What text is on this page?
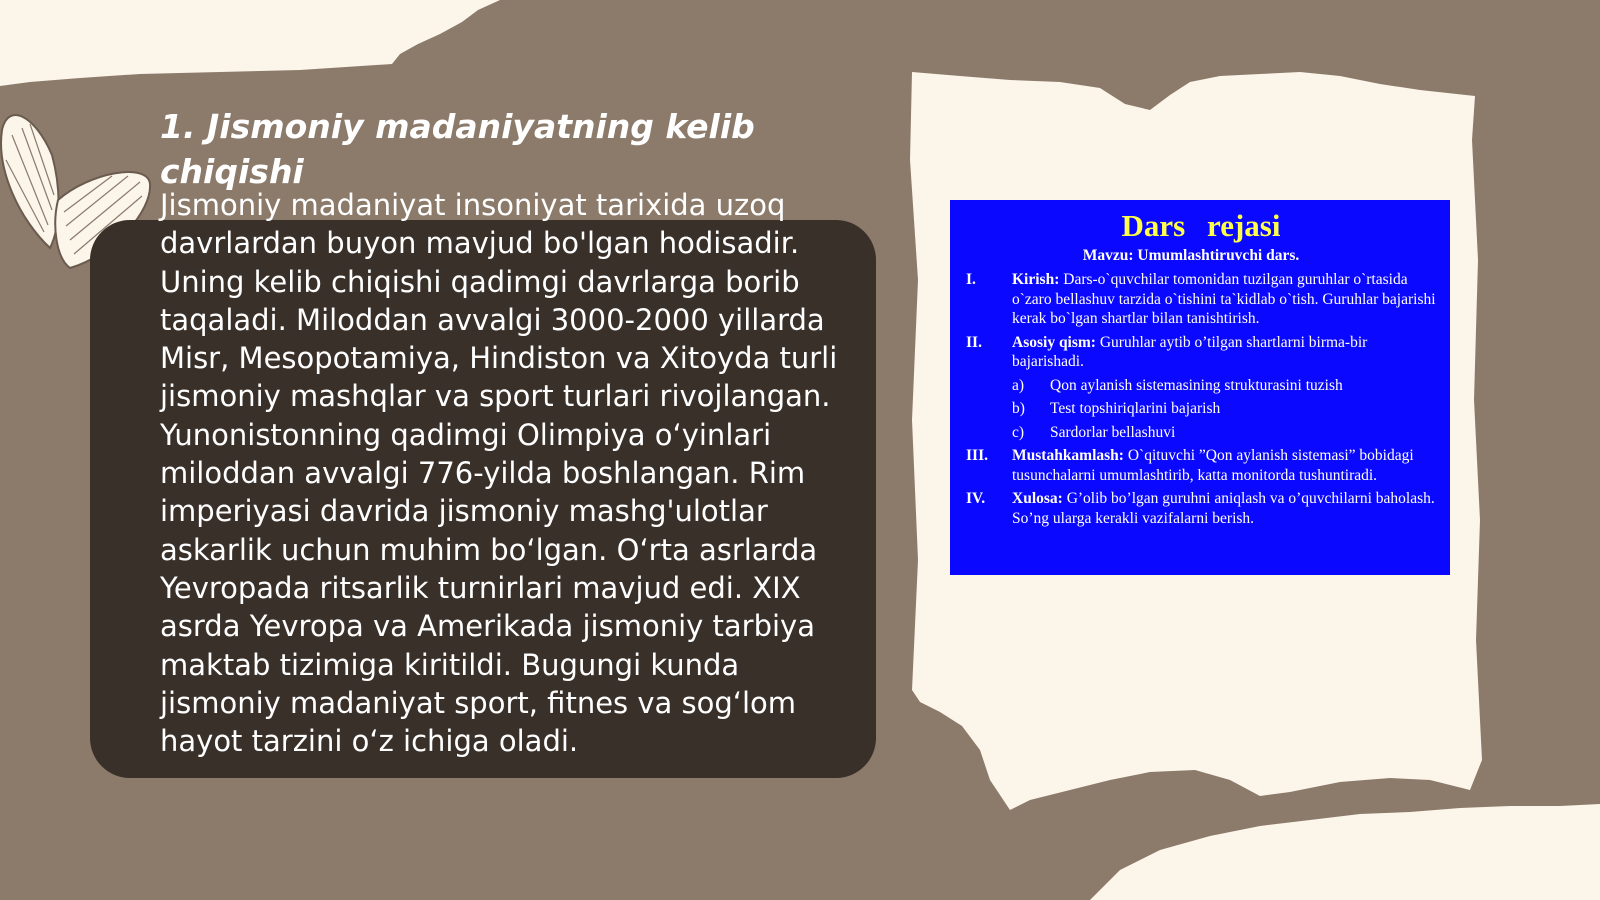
1. Jismoniy madaniyatning kelib chiqishi

Jismoniy madaniyat insoniyat tarixida uzoq davrlardan buyon mavjud bo'lgan hodisadir. Uning kelib chiqishi qadimgi davrlarga borib taqaladi. Miloddan avvalgi 3000-2000 yillarda Misr, Mesopotamiya, Hindiston va Xitoyda turli jismoniy mashqlar va sport turlari rivojlangan. Yunonistonning qadimgi Olimpiya o‘yinlari miloddan avvalgi 776-yilda boshlangan. Rim imperiyasi davrida jismoniy mashg'ulotlar askarlik uchun muhim bo‘lgan. O‘rta asrlarda Yevropada ritsarlik turnirlari mavjud edi. XIX asrda Yevropa va Amerikada jismoniy tarbiya maktab tizimiga kiritildi. Bugungi kunda jismoniy madaniyat sport, fitnes va sog‘lom hayot tarzini o‘z ichiga oladi.

Dars rejasi
Mavzu: Umumlashtiruvchi dars.
I.	Kirish: Dars-o`quvchilar tomonidan tuzilgan guruhlar o`rtasida o`zaro bellashuv tarzida o`tishini ta`kidlab o`tish. Guruhlar bajarishi kerak bo`lgan shartlar bilan tanishtirish.
II.	Asosiy qism: Guruhlar aytib o’tilgan shartlarni birma-bir bajarishadi.
a)	Qon aylanish sistemasining strukturasini tuzish
b)	Test topshiriqlarini bajarish
c)	Sardorlar bellashuvi
III.	Mustahkamlash: O`qituvchi ”Qon aylanish sistemasi” bobidagi tusunchalarni umumlashtirib, katta monitorda tushuntiradi.
IV.	Xulosa: G’olib bo’lgan guruhni aniqlash va o’quvchilarni baholash. So’ng ularga kerakli vazifalarni berish.
